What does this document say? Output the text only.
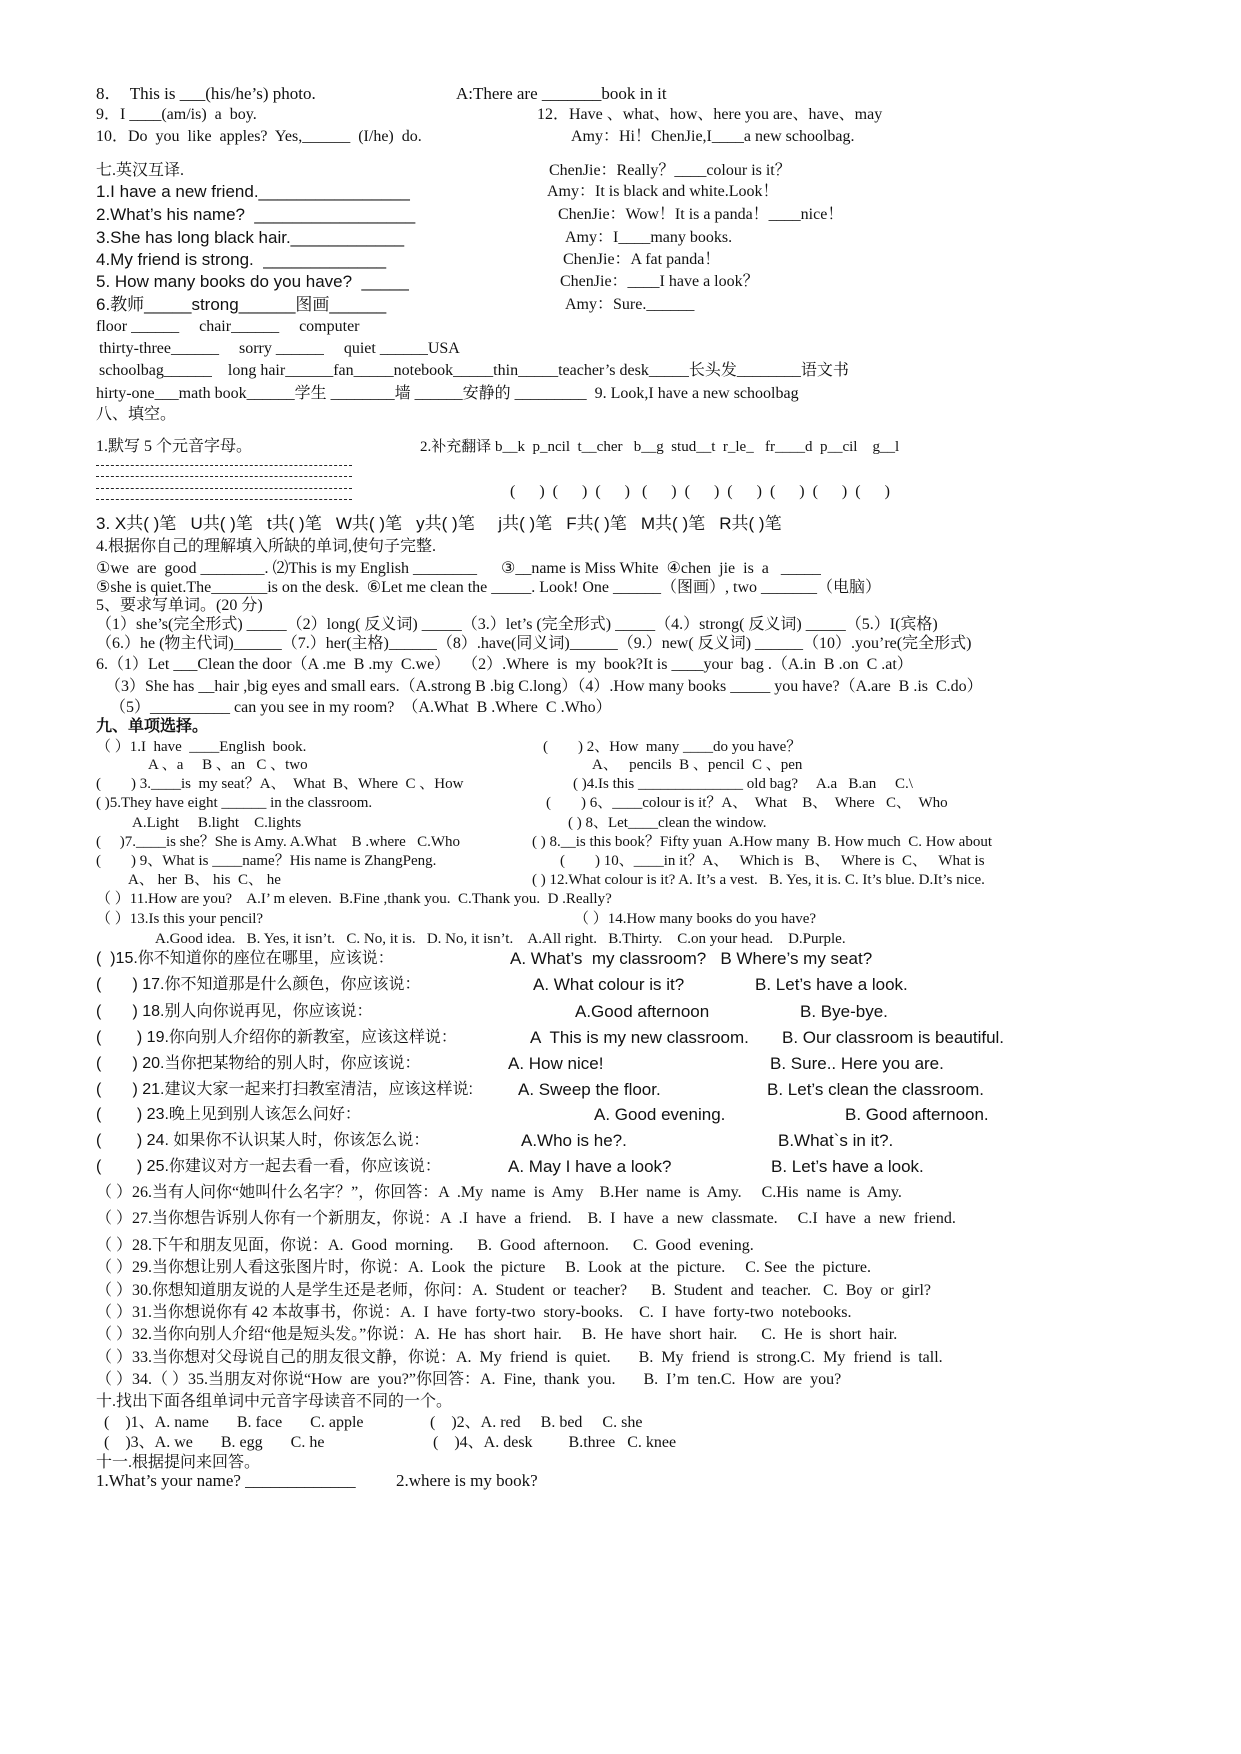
8．  This is ___(his/he’s) photo.	A:There are _______book in it
9．I ____(am/is)  a  boy.	12．Have 、what、how、here you are、have、may
10．Do  you  like  apples?  Yes,______  (I/he)  do.	Amy：Hi！ChenJie,I____a new schoolbag.
七.英汉互译.	ChenJie：Really？____colour is it？
1.I have a new friend.________________	Amy：It is black and white.Look！
2.What’s his name?  _________________	ChenJie：Wow！It is a panda！____nice！
3.She has long black hair.____________	Amy：I____many books.
4.My friend is strong.  _____________	ChenJie：A fat panda！
5. How many books do you have?  _____	ChenJie：____I have a look？
6.教师_____strong______图画______	Amy：Sure.______
floor ______     chair______     computer
thirty-three______     sorry ______     quiet ______USA
schoolbag______    long hair______fan_____notebook_____thin_____teacher’s desk_____长头发________语文书
hirty-one___math book______学生 ________墙 ______安静的 _________  9. Look,I have a new schoolbag
八、填空。
1.默写 5 个元音字母。	2.补充翻译 b__k  p_ncil  t__cher   b__g  stud__t  r_le_   fr____d  p__cil    g__l
(      )  (      )  (      )   (      )  (      )  (      )  (      )  (      )  (      )
3. X共( )笔   U共( )笔   t共( )笔   W共( )笔   y共( )笔     j共( )笔   F共( )笔   M共( )笔   R共( )笔
4.根据你自己的理解填入所缺的单词,使句子完整.
①we  are  good ________. ⑵This is my English ________      ③__name is Miss White  ④chen  jie  is  a   _____
⑤she is quiet.The_______is on the desk.  ⑥Let me clean the _____. Look! One ______（图画）, two _______（电脑）
5、要求写单词。(20 分)
（1）she’s(完全形式) _____（2）long( 反义词) _____（3.）let’s (完全形式) _____（4.）strong( 反义词) _____（5.）I(宾格)
（6.）he (物主代词)______（7.）her(主格)______（8）.have(同义词)______（9.）new( 反义词) ______（10）.you’re(完全形式)
6.（1）Let ___Clean the door（A .me  B .my  C.we）   （2）.Where  is  my  book?It is ____your  bag .（A.in  B .on  C .at）
（3）She has __hair ,big eyes and small ears.（A.strong B .big C.long）（4）.How many books _____ you have?（A.are  B .is  C.do）
（5）__________ can you see in my room?  （A.What  B .Where  C .Who）
九、单项选择。
（ ）1.I  have  ____English  book.	(        ) 2、How  many ____do you have？
A 、a     B 、an   C 、two	A、   pencils  B 、pencil  C 、pen
(        ) 3.____is  my seat？A、  What  B、Where  C 、How	( )4.Is this ______________ old bag?     A.a   B.an     C.\
( )5.They have eight ______ in the classroom.	(        ) 6、____colour is it？A、  What    B、  Where   C、  Who
A.Light     B.light    C.lights	( ) 8、Let____clean the window.
(     )7.____is she？She is Amy. A.What    B .where   C.Who	( ) 8.__is this book？Fifty yuan  A.How many  B. How much  C. How about
(        ) 9、What is ____name？His name is ZhangPeng.	(        ) 10、____in it？A、   Which is   B、   Where is  C、   What is
A、 her  B、 his  C、 he	( ) 12.What colour is it? A. It’s a vest.   B. Yes, it is. C. It’s blue. D.It’s nice.
（ ）11.How are you?    A.I’ m eleven.  B.Fine ,thank you.  C.Thank you.  D .Really?
（ ）13.Is this your pencil?	（ ）14.How many books do you have?
A.Good idea.   B. Yes, it isn’t.   C. No, it is.   D. No, it isn’t.    A.All right.   B.Thirty.    C.on your head.    D.Purple.
(  )15.你不知道你的座位在哪里，应该说：	A. What’s  my classroom?   B Where’s my seat?
(       ) 17.你不知道那是什么颜色，你应该说：	A. What colour is it?	B. Let’s have a look.
(       ) 18.别人向你说再见，你应该说：	A.Good afternoon	B. Bye-bye.
(        ) 19.你向别人介绍你的新教室，应该这样说：	A  This is my new classroom. B. Our classroom is beautiful.
(       ) 20.当你把某物给的别人时，你应该说：	A. How nice!	B. Sure.. Here you are.
(       ) 21.建议大家一起来打扫教室清洁，应该这样说:	A. Sweep the floor.	B. Let’s clean the classroom.
(        ) 23.晚上见到别人该怎么问好：	A. Good evening.	B. Good afternoon.
(        ) 24. 如果你不认识某人时，你该怎么说：	A.Who is he?.	B.What`s in it?.
(        ) 25.你建议对方一起去看一看，你应该说：	A. May I have a look?	B. Let’s have a look.
（ ）26.当有人问你“她叫什么名字？”，你回答：A  .My  name  is  Amy    B.Her  name  is  Amy.     C.His  name  is  Amy.
（ ）27.当你想告诉别人你有一个新朋友，你说：A  .I  have  a  friend.    B.  I  have  a  new  classmate.     C.I  have  a  new  friend.
（ ）28.下午和朋友见面，你说：A.  Good  morning.      B.  Good  afternoon.      C.  Good  evening.
（ ）29.当你想让别人看这张图片时，你说：A.  Look  the  picture     B.  Look  at  the  picture.     C. See  the  picture.
（ ）30.你想知道朋友说的人是学生还是老师，你问：A.  Student  or  teacher?      B.  Student  and  teacher.   C.  Boy  or  girl?
（ ）31.当你想说你有 42 本故事书，你说：A.  I  have  forty-two  story-books.    C.  I  have  forty-two  notebooks.
（ ）32.当你向别人介绍“他是短头发。”你说：A.  He  has  short  hair.     B.  He  have  short  hair.      C.  He  is  short  hair.
（ ）33.当你想对父母说自己的朋友很文静，你说：A.  My  friend  is  quiet.       B.  My  friend  is  strong.C.  My  friend  is  tall.
（ ）34.（ ）35.当朋友对你说“How  are  you?”你回答：A.  Fine,  thank  you.       B.  I’m  ten.C.  How  are  you?
十.找出下面各组单词中元音字母读音不同的一个。
(    )1、A. name       B. face       C. apple	(    )2、A. red     B. bed     C. she
(    )3、A. we       B. egg       C. he	(    )4、A. desk         B.three   C. knee
十一.根据提问来回答。
1.What’s your name? _____________ 2.where is my book?
